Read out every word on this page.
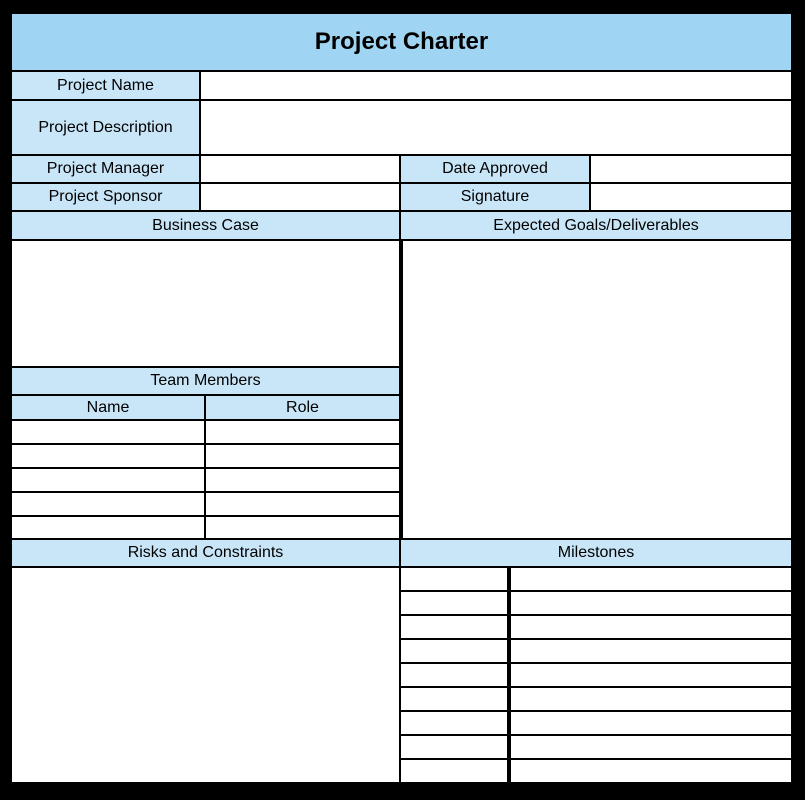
Project Charter
Project Name
Project Description
Project Manager	Date Approved
Project Sponsor	Signature
Business Case	Expected Goals/Deliverables
Team Members
Name	Role
Risks and Constraints	Milestones
